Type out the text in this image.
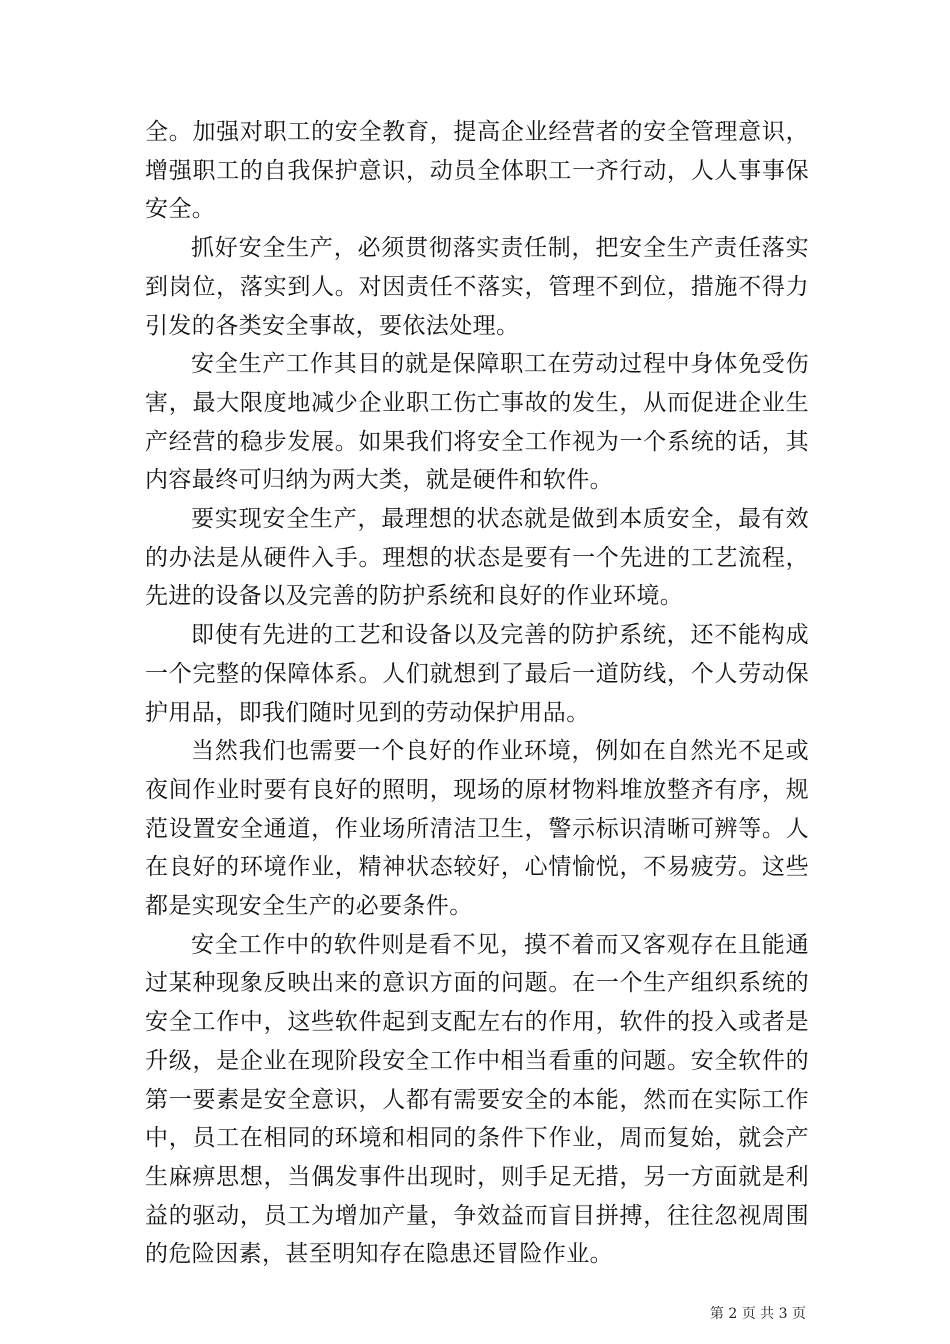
全。加强对职工的安全教育，提高企业经营者的安全管理意识，增强职工的自我保护意识，动员全体职工一齐行动，人人事事保安全。

抓好安全生产，必须贯彻落实责任制，把安全生产责任落实到岗位，落实到人。对因责任不落实，管理不到位，措施不得力引发的各类安全事故，要依法处理。

安全生产工作其目的就是保障职工在劳动过程中身体免受伤害，最大限度地减少企业职工伤亡事故的发生，从而促进企业生产经营的稳步发展。如果我们将安全工作视为一个系统的话，其内容最终可归纳为两大类，就是硬件和软件。

要实现安全生产，最理想的状态就是做到本质安全，最有效的办法是从硬件入手。理想的状态是要有一个先进的工艺流程，先进的设备以及完善的防护系统和良好的作业环境。

即使有先进的工艺和设备以及完善的防护系统，还不能构成一个完整的保障体系。人们就想到了最后一道防线，个人劳动保护用品，即我们随时见到的劳动保护用品。

当然我们也需要一个良好的作业环境，例如在自然光不足或夜间作业时要有良好的照明，现场的原材物料堆放整齐有序，规范设置安全通道，作业场所清洁卫生，警示标识清晰可辨等。人在良好的环境作业，精神状态较好，心情愉悦，不易疲劳。这些都是实现安全生产的必要条件。

安全工作中的软件则是看不见，摸不着而又客观存在且能通过某种现象反映出来的意识方面的问题。在一个生产组织系统的安全工作中，这些软件起到支配左右的作用，软件的投入或者是升级，是企业在现阶段安全工作中相当看重的问题。安全软件的第一要素是安全意识，人都有需要安全的本能，然而在实际工作中，员工在相同的环境和相同的条件下作业，周而复始，就会产生麻痹思想，当偶发事件出现时，则手足无措，另一方面就是利益的驱动，员工为增加产量，争效益而盲目拼搏，往往忽视周围的危险因素，甚至明知存在隐患还冒险作业。

第 2 页 共 3 页
